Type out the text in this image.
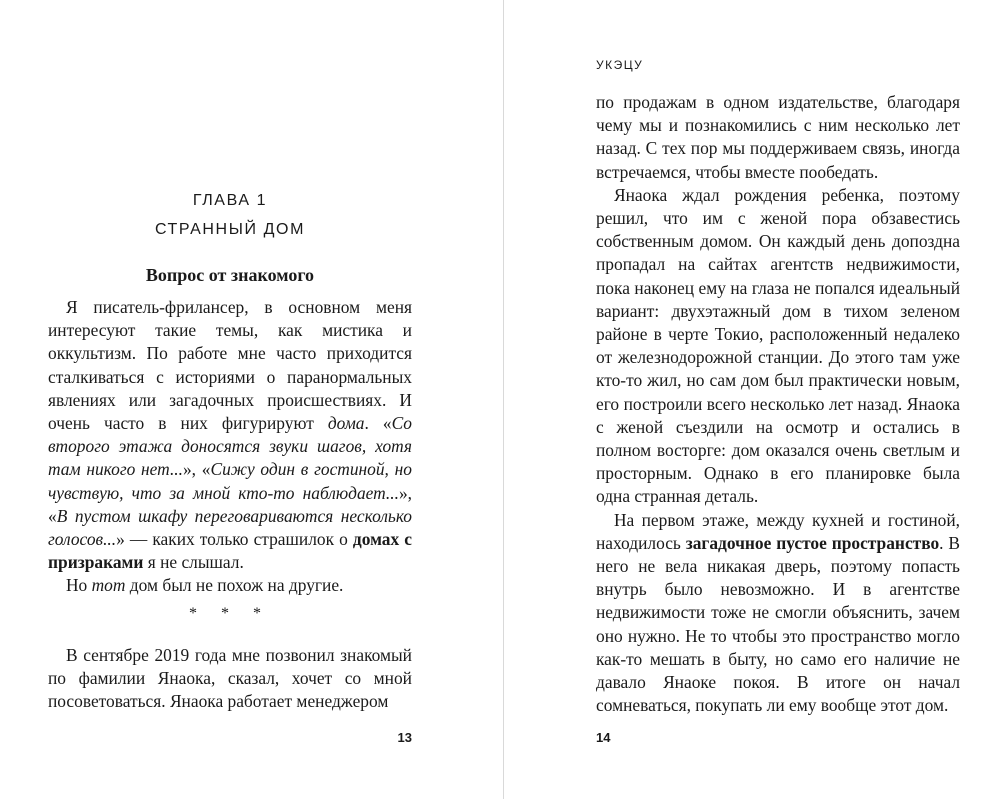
ГЛАВА 1
СТРАННЫЙ ДОМ
Вопрос от знакомого

Я писатель-фрилансер, в основном меня интересуют такие темы, как мистика и оккультизм. По работе мне часто приходится сталкиваться с историями о паранормальных явлениях или загадочных происшествиях. И очень часто в них фигурируют дома. «Со второго этажа доносятся звуки шагов, хотя там никого нет...», «Сижу один в гостиной, но чувствую, что за мной кто-то наблюдает...», «В пустом шкафу переговариваются несколько голосов...» — каких только страшилок о домах с призраками я не слышал.

Но тот дом был не похож на другие.

* * *

В сентябре 2019 года мне позвонил знакомый по фамилии Янаока, сказал, хочет со мной посоветоваться. Янаока работает менеджером

13
УКЭЦУ

по продажам в одном издательстве, благодаря чему мы и познакомились с ним несколько лет назад. С тех пор мы поддерживаем связь, иногда встречаемся, чтобы вместе пообедать.

Янаока ждал рождения ребенка, поэтому решил, что им с женой пора обзавестись собственным домом. Он каждый день допоздна пропадал на сайтах агентств недвижимости, пока наконец ему на глаза не попался идеальный вариант: двухэтажный дом в тихом зеленом районе в черте Токио, расположенный недалеко от железнодорожной станции. До этого там уже кто-то жил, но сам дом был практически новым, его построили всего несколько лет назад. Янаока с женой съездили на осмотр и остались в полном восторге: дом оказался очень светлым и просторным. Однако в его планировке была одна странная деталь.

На первом этаже, между кухней и гостиной, находилось загадочное пустое пространство. В него не вела никакая дверь, поэтому попасть внутрь было невозможно. И в агентстве недвижимости тоже не смогли объяснить, зачем оно нужно. Не то чтобы это пространство могло как-то мешать в быту, но само его наличие не давало Янаоке покоя. В итоге он начал сомневаться, покупать ли ему вообще этот дом.

14
